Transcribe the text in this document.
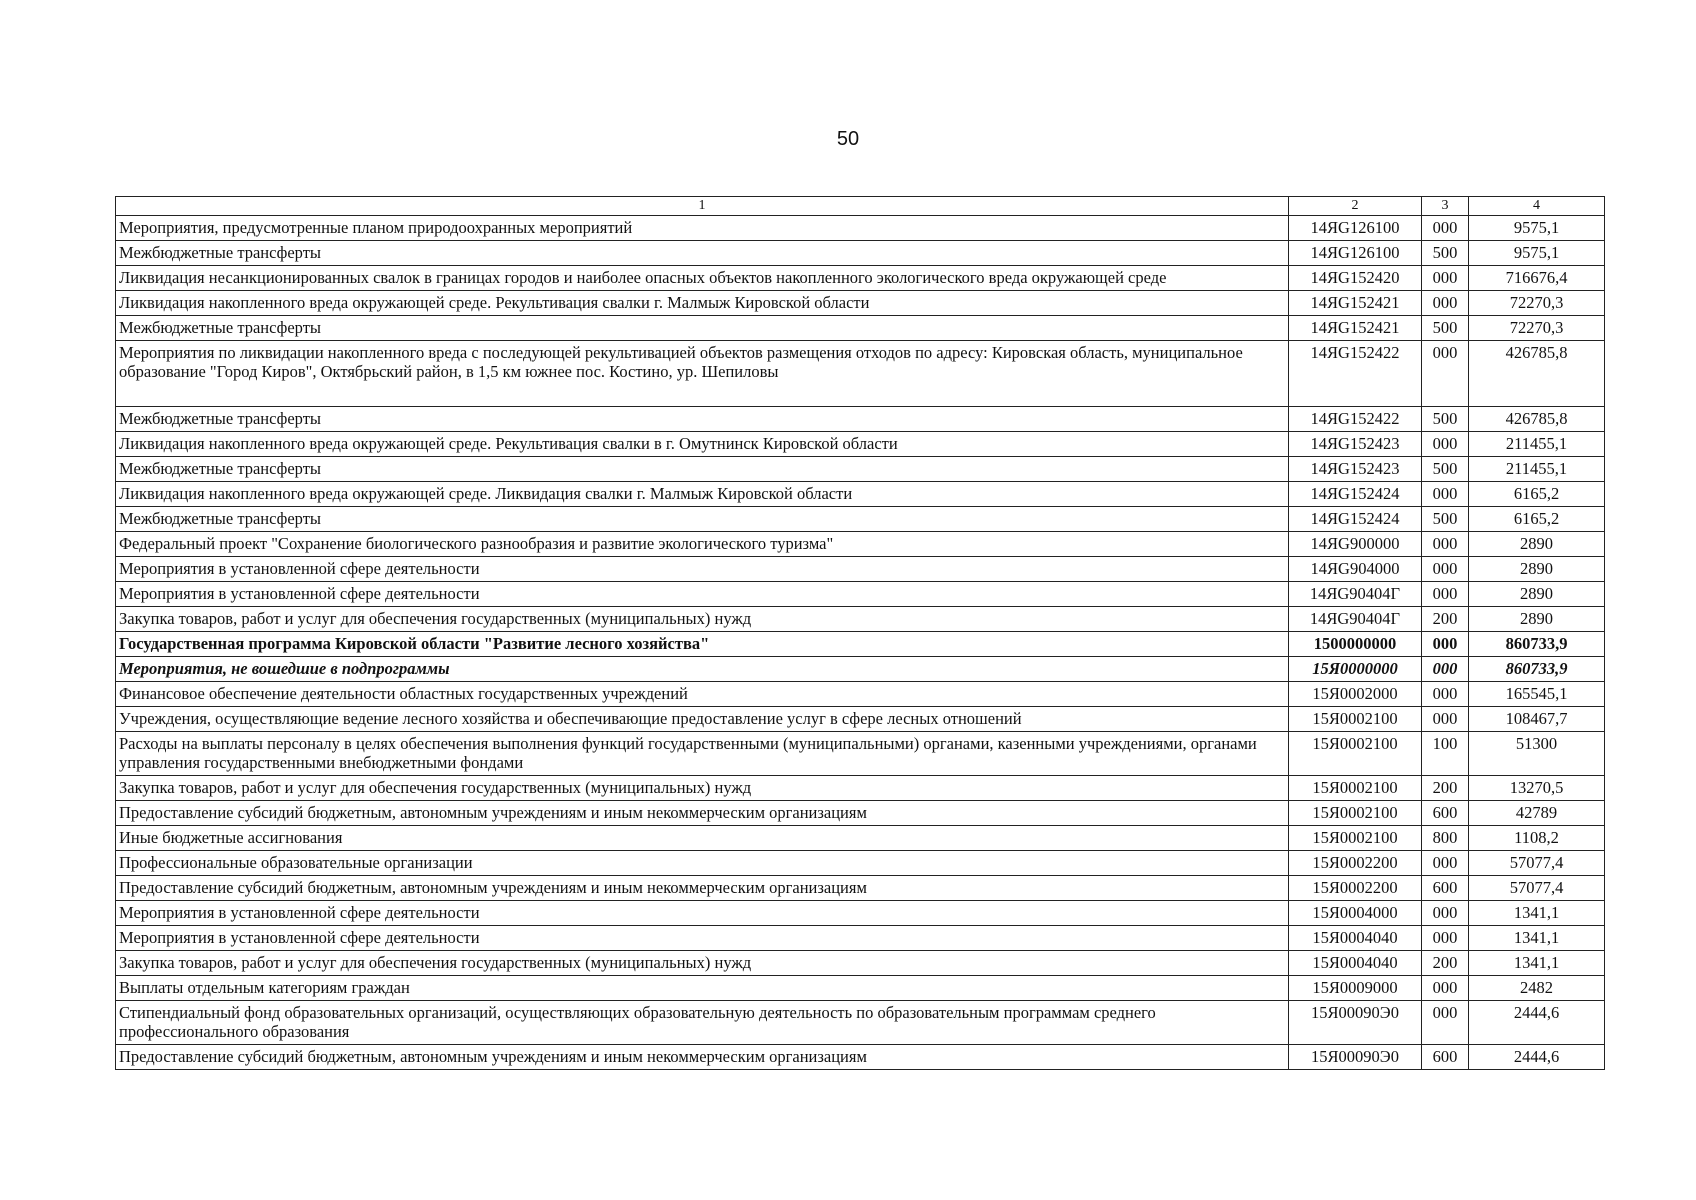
50
1	2	3	4
Мероприятия, предусмотренные планом природоохранных мероприятий	14ЯG126100	000	9575,1
Межбюджетные трансферты	14ЯG126100	500	9575,1
Ликвидация несанкционированных свалок в границах городов и наиболее опасных объектов накопленного экологического вреда окружающей среде	14ЯG152420	000	716676,4
Ликвидация накопленного вреда окружающей среде. Рекультивация свалки г. Малмыж Кировской области	14ЯG152421	000	72270,3
Межбюджетные трансферты	14ЯG152421	500	72270,3
Мероприятия по ликвидации накопленного вреда с последующей рекультивацией объектов размещения отходов по адресу: Кировская область, муниципальное образование "Город Киров", Октябрьский район, в 1,5 км южнее пос. Костино, ур. Шепиловы	14ЯG152422	000	426785,8
Межбюджетные трансферты	14ЯG152422	500	426785,8
Ликвидация накопленного вреда окружающей среде. Рекультивация свалки в г. Омутнинск Кировской области	14ЯG152423	000	211455,1
Межбюджетные трансферты	14ЯG152423	500	211455,1
Ликвидация накопленного вреда окружающей среде. Ликвидация свалки г. Малмыж Кировской области	14ЯG152424	000	6165,2
Межбюджетные трансферты	14ЯG152424	500	6165,2
Федеральный проект "Сохранение биологического разнообразия и развитие экологического туризма"	14ЯG900000	000	2890
Мероприятия в установленной сфере деятельности	14ЯG904000	000	2890
Мероприятия в установленной сфере деятельности	14ЯG90404Г	000	2890
Закупка товаров, работ и услуг для обеспечения государственных (муниципальных) нужд	14ЯG90404Г	200	2890
Государственная программа Кировской области "Развитие лесного хозяйства"	1500000000	000	860733,9
Мероприятия, не вошедшие в подпрограммы	15Я0000000	000	860733,9
Финансовое обеспечение деятельности областных государственных учреждений	15Я0002000	000	165545,1
Учреждения, осуществляющие ведение лесного хозяйства и обеспечивающие предоставление услуг в сфере лесных отношений	15Я0002100	000	108467,7
Расходы на выплаты персоналу в целях обеспечения выполнения функций государственными (муниципальными) органами, казенными учреждениями, органами управления государственными внебюджетными фондами	15Я0002100	100	51300
Закупка товаров, работ и услуг для обеспечения государственных (муниципальных) нужд	15Я0002100	200	13270,5
Предоставление субсидий бюджетным, автономным учреждениям и иным некоммерческим организациям	15Я0002100	600	42789
Иные бюджетные ассигнования	15Я0002100	800	1108,2
Профессиональные образовательные организации	15Я0002200	000	57077,4
Предоставление субсидий бюджетным, автономным учреждениям и иным некоммерческим организациям	15Я0002200	600	57077,4
Мероприятия в установленной сфере деятельности	15Я0004000	000	1341,1
Мероприятия в установленной сфере деятельности	15Я0004040	000	1341,1
Закупка товаров, работ и услуг для обеспечения государственных (муниципальных) нужд	15Я0004040	200	1341,1
Выплаты отдельным категориям граждан	15Я0009000	000	2482
Стипендиальный фонд образовательных организаций, осуществляющих образовательную деятельность по образовательным программам среднего профессионального образования	15Я00090Э0	000	2444,6
Предоставление субсидий бюджетным, автономным учреждениям и иным некоммерческим организациям	15Я00090Э0	600	2444,6
